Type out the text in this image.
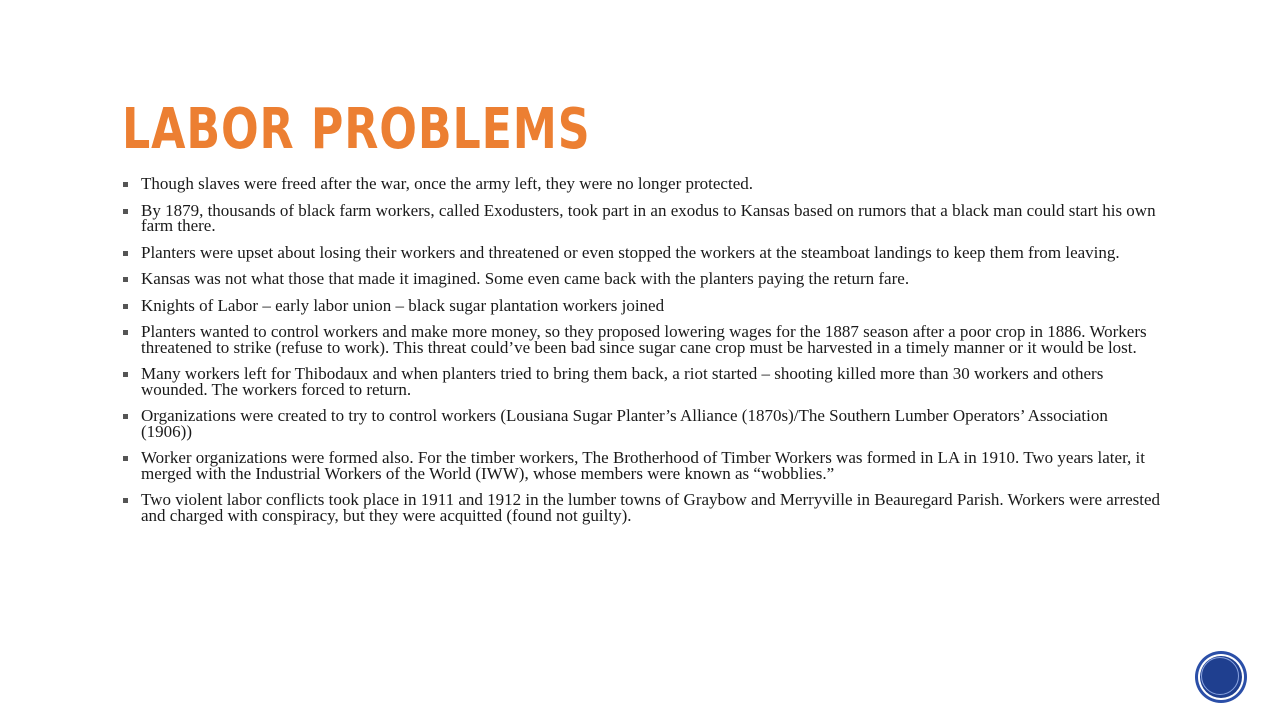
LABOR PROBLEMS
Though slaves were freed after the war, once the army left, they were no longer protected.
By 1879, thousands of black farm workers, called Exodusters, took part in an exodus to Kansas based on rumors that a black man could start his own farm there.
Planters were upset about losing their workers and threatened or even stopped the workers at the steamboat landings to keep them from leaving.
Kansas was not what those that made it imagined. Some even came back with the planters paying the return fare.
Knights of Labor – early labor union – black sugar plantation workers joined
Planters wanted to control workers and make more money, so they proposed lowering wages for the 1887 season after a poor crop in 1886. Workers threatened to strike (refuse to work). This threat could’ve been bad since sugar cane crop must be harvested in a timely manner or it would be lost.
Many workers left for Thibodaux and when planters tried to bring them back, a riot started – shooting killed more than 30 workers and others wounded. The workers forced to return.
Organizations were created to try to control workers (Lousiana Sugar Planter’s Alliance (1870s)/The Southern Lumber Operators’ Association (1906))
Worker organizations were formed also. For the timber workers, The Brotherhood of Timber Workers was formed in LA in 1910. Two years later, it merged with the Industrial Workers of the World (IWW), whose members were known as “wobblies.”
Two violent labor conflicts took place in 1911 and 1912 in the lumber towns of Graybow and Merryville in Beauregard Parish. Workers were arrested and charged with conspiracy, but they were acquitted (found not guilty).
